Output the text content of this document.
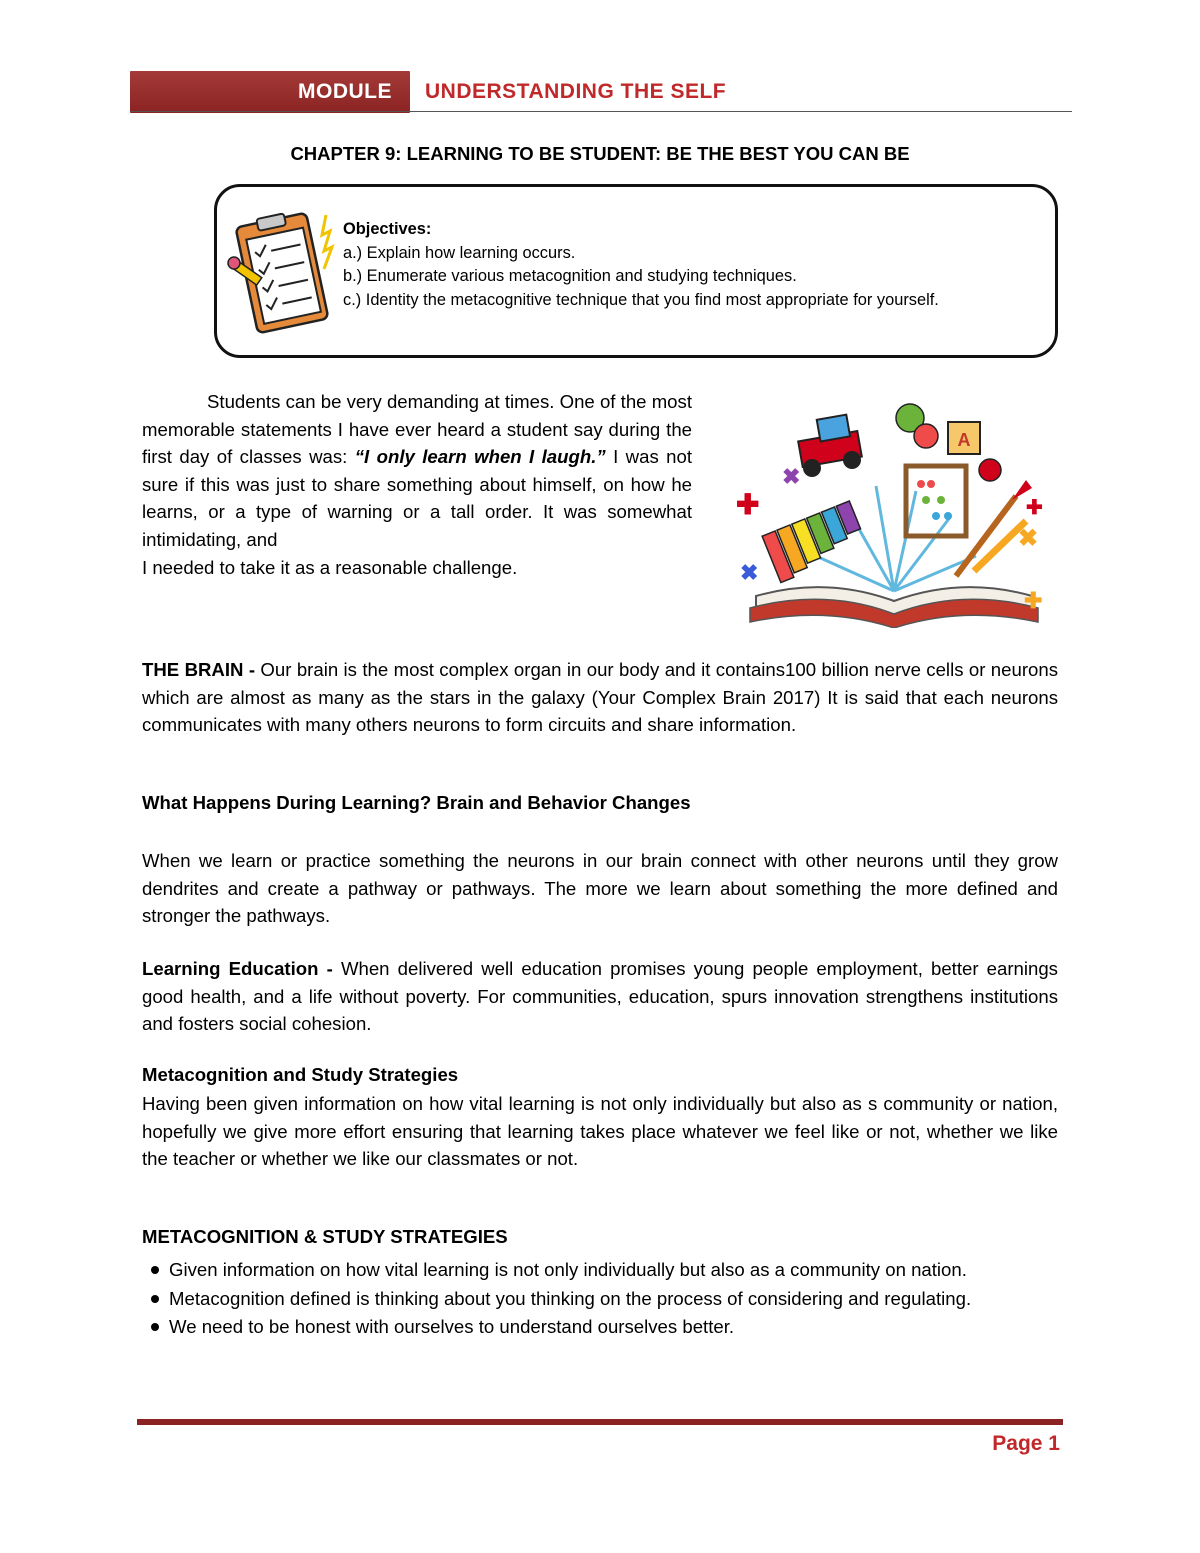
MODULE	UNDERSTANDING THE SELF
CHAPTER 9: LEARNING TO BE STUDENT: BE THE BEST YOU CAN BE
Objectives:
a.) Explain how learning occurs.
b.) Enumerate various metacognition and studying techniques.
c.) Identity the metacognitive technique that you find most appropriate for yourself.
Students can be very demanding at times. One of the most memorable statements I have ever heard a student say during the first day of classes was: “I only learn when I laugh.” I was not sure if this was just to share something about himself, on how he learns, or a type of warning or a tall order. It was somewhat intimidating, and
I needed to take it as a reasonable challenge.
A
✚
✖
✖
✖
✚
✚
THE BRAIN - Our brain is the most complex organ in our body and it contains100 billion nerve cells or neurons which are almost as many as the stars in the galaxy (Your Complex Brain 2017) It is said that each neurons communicates with many others neurons to form circuits and share information.
What Happens During Learning? Brain and Behavior Changes
When we learn or practice something the neurons in our brain connect with other neurons until they grow dendrites and create a pathway or pathways. The more we learn about something the more defined and stronger the pathways.
Learning Education - When delivered well education promises young people employment, better earnings good health, and a life without poverty. For communities, education, spurs innovation strengthens institutions and fosters social cohesion.
Metacognition and Study Strategies
Having been given information on how vital learning is not only individually but also as s community or nation, hopefully we give more effort ensuring that learning takes place whatever we feel like or not, whether we like the teacher or whether we like our classmates or not.
METACOGNITION & STUDY STRATEGIES
Given information on how vital learning is not only individually but also as a community on nation.
Metacognition defined is thinking about you thinking on the process of considering and regulating.
We need to be honest with ourselves to understand ourselves better.
Page 1
